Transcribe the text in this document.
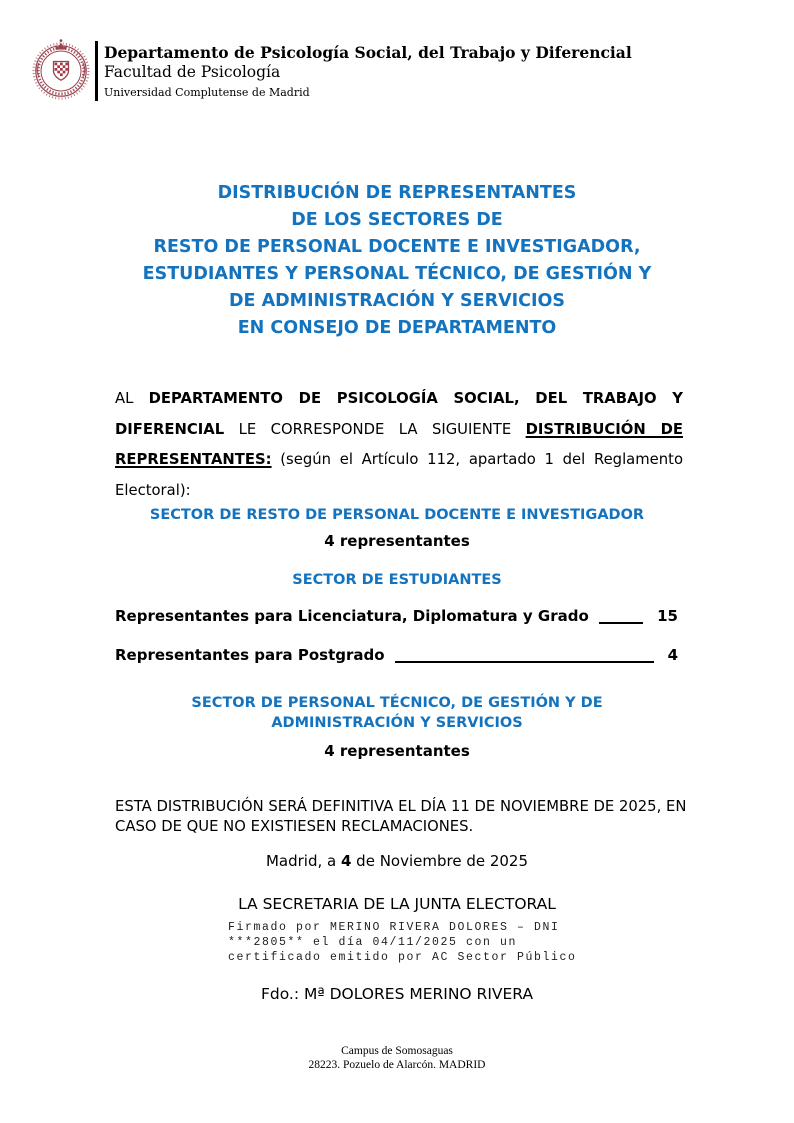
Departamento de Psicología Social, del Trabajo y Diferencial
Facultad de Psicología
Universidad Complutense de Madrid
DISTRIBUCIÓN DE REPRESENTANTES
DE LOS SECTORES DE
RESTO DE PERSONAL DOCENTE E INVESTIGADOR,
ESTUDIANTES Y PERSONAL TÉCNICO, DE GESTIÓN Y
DE ADMINISTRACIÓN Y SERVICIOS
EN CONSEJO DE DEPARTAMENTO

AL DEPARTAMENTO DE PSICOLOGÍA SOCIAL, DEL TRABAJO Y DIFERENCIAL LE CORRESPONDE LA SIGUIENTE DISTRIBUCIÓN DE REPRESENTANTES: (según el Artículo 112, apartado 1 del Reglamento Electoral):

SECTOR DE RESTO DE PERSONAL DOCENTE E INVESTIGADOR
4 representantes
SECTOR DE ESTUDIANTES
Representantes para Licenciatura, Diplomatura y Grado	15
Representantes para Postgrado	4
SECTOR DE PERSONAL TÉCNICO, DE GESTIÓN Y DE
ADMINISTRACIÓN Y SERVICIOS
4 representantes
ESTA DISTRIBUCIÓN SERÁ DEFINITIVA EL DÍA 11 DE NOVIEMBRE DE 2025, EN
CASO DE QUE NO EXISTIESEN RECLAMACIONES.
Madrid, a 4 de Noviembre de 2025
LA SECRETARIA DE LA JUNTA ELECTORAL
Firmado por MERINO RIVERA DOLORES – DNI
***2805** el día 04/11/2025 con un
certificado emitido por AC Sector Público
Fdo.: Mª DOLORES MERINO RIVERA
Campus de Somosaguas
28223. Pozuelo de Alarcón. MADRID
